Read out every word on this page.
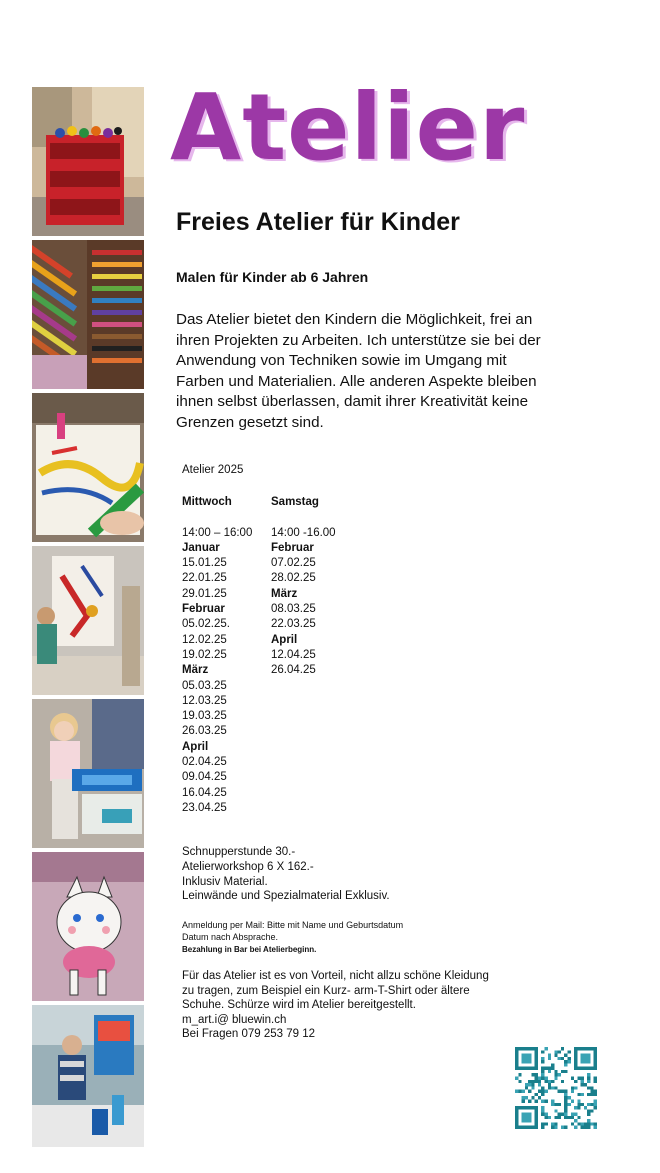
Atelier
Freies Atelier für Kinder
Malen für Kinder ab 6 Jahren

Das Atelier bietet den Kindern die Möglichkeit, frei an ihren Projekten zu Arbeiten. Ich unterstütze sie bei der Anwendung von Techniken sowie im Umgang mit Farben und Materialien. Alle anderen Aspekte bleiben ihnen selbst überlassen, damit ihrer Kreativität keine Grenzen gesetzt sind.

Atelier 2025
Mittwoch
14:00 – 16:00
Januar
15.01.25
22.01.25
29.01.25
Februar
05.02.25.
12.02.25
19.02.25
März
05.03.25
12.03.25
19.03.25
26.03.25
April
02.04.25
09.04.25
16.04.25
23.04.25
Samstag
14:00 -16.00
Februar
07.02.25
28.02.25
März
08.03.25
22.03.25
April
12.04.25
26.04.25
Schnupperstunde 30.-
Atelierworkshop 6 X 162.-
Inklusiv Material.
Leinwände und Spezialmaterial Exklusiv.
Anmeldung per Mail: Bitte mit Name und Geburtsdatum
Datum nach Absprache.
Bezahlung in Bar bei Atelierbeginn.
Für das Atelier ist es von Vorteil, nicht allzu schöne Kleidung zu tragen, zum Beispiel ein Kurz- arm-T-Shirt oder ältere Schuhe. Schürze wird im Atelier bereitgestellt.
m_art.i@ bluewin.ch
Bei Fragen 079 253 79 12
